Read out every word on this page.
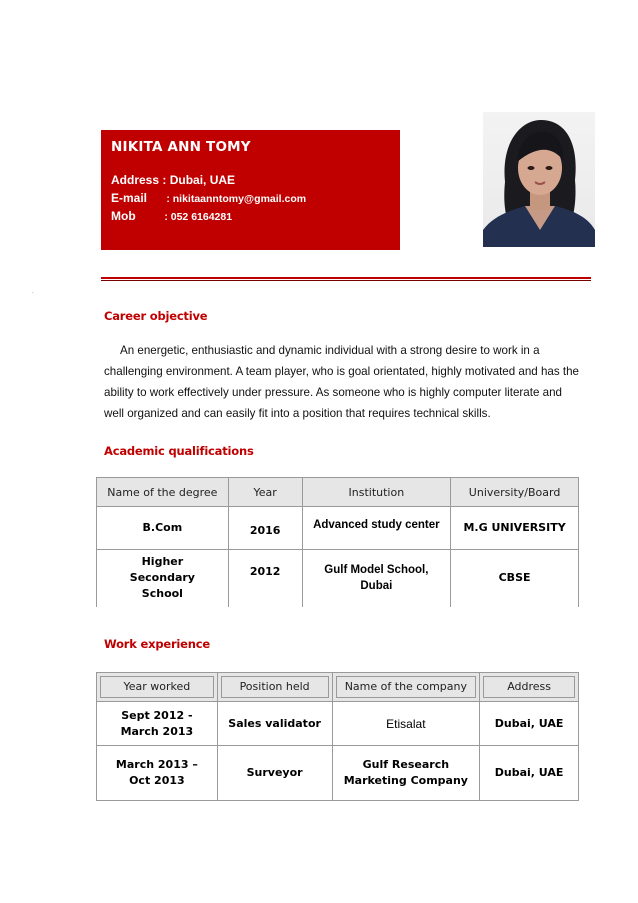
NIKITA ANN TOMY
Address : Dubai, UAE
E-mail : nikitaanntomy@gmail.com
Mob	: 052 6164281
.
Career objective
An energetic, enthusiastic and dynamic individual with a strong desire to work in a
challenging environment. A team player, who is goal orientated, highly motivated and has the
ability to work effectively under pressure. As someone who is highly computer literate and
well organized and can easily fit into a position that requires technical skills.
Academic qualifications
Name of the degree	Year	Institution	University/Board
B.Com	2016	Advanced study center	M.G UNIVERSITY
Higher Secondary School	2012	Gulf Model School, Dubai	CBSE
Work experience
Year worked	Position held	Name of the company	Address

Sept 2012 - March 2013	Sales validator	Etisalat	Dubai, UAE
March 2013 – Oct 2013	Surveyor	Gulf Research Marketing Company	Dubai, UAE
